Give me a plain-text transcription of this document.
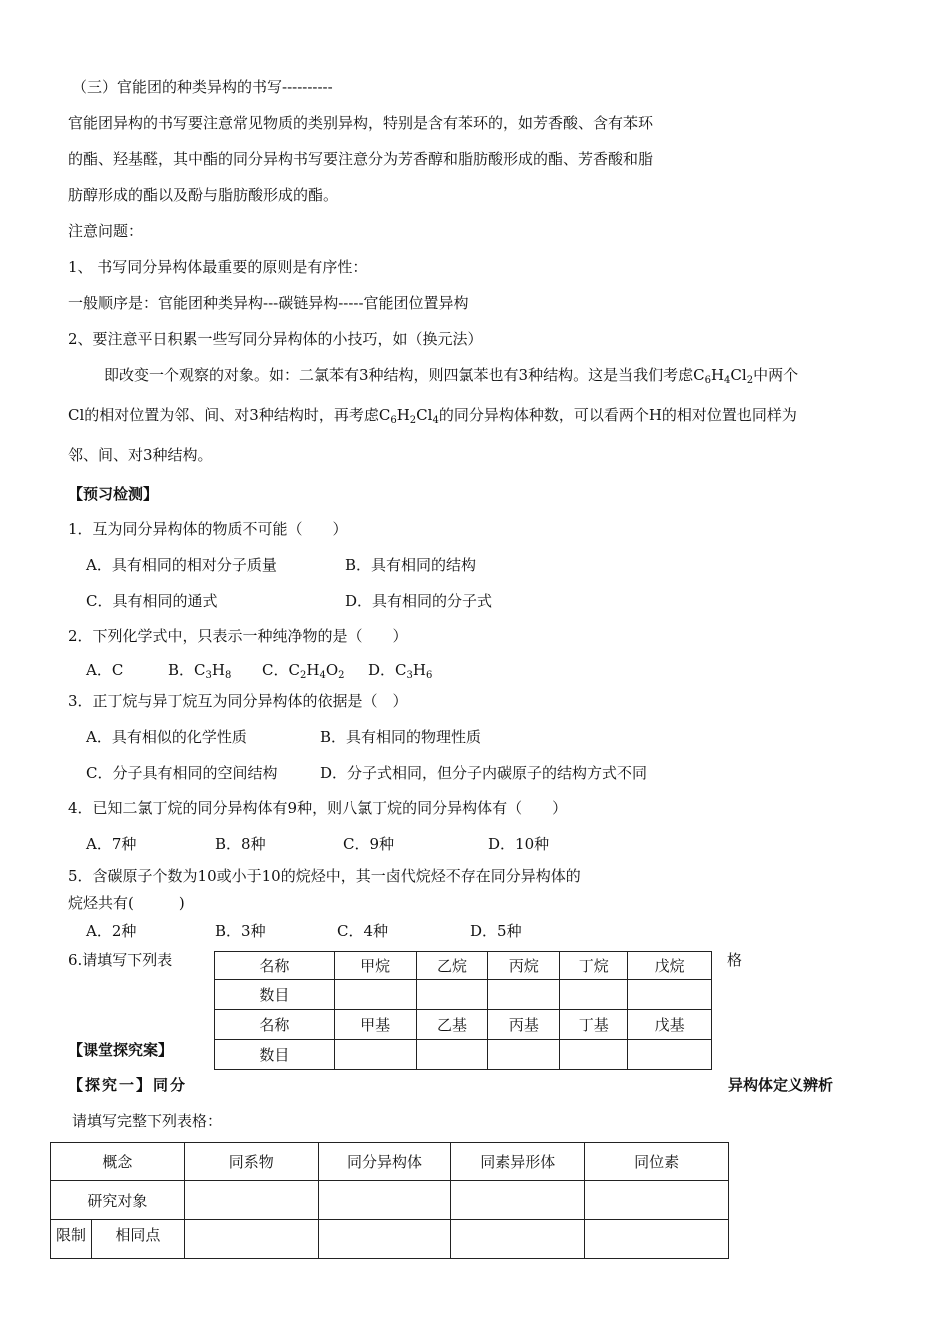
（三）官能团的种类异构的书写----------
官能团异构的书写要注意常见物质的类别异构，特别是含有苯环的，如芳香酸、含有苯环
的酯、羟基醛，其中酯的同分异构书写要注意分为芳香醇和脂肪酸形成的酯、芳香酸和脂
肪醇形成的酯以及酚与脂肪酸形成的酯。
注意问题：
1、 书写同分异构体最重要的原则是有序性：
一般顺序是：官能团种类异构---碳链异构-----官能团位置异构
2、要注意平日积累一些写同分异构体的小技巧，如（换元法）
即改变一个观察的对象。如：二氯苯有3种结构，则四氯苯也有3种结构。这是当我们考虑$C_6H_4Cl_2$中两个
Cl的相对位置为邻、间、对3种结构时，再考虑$C_6H_2Cl_4$的同分异构体种数，可以看两个H的相对位置也同样为
邻、间、对3种结构。
【预习检测】
1．互为同分异构体的物质不可能（　　）
A．具有相同的相对分子质量	B．具有相同的结构
C．具有相同的通式	D．具有相同的分子式
2．下列化学式中，只表示一种纯净物的是（　　）
A．C	B．$C_3H_8$ C．$C_2H_4O_2$ D．$C_3H_6$
3．正丁烷与异丁烷互为同分异构体的依据是（　）
A．具有相似的化学性质	B．具有相同的物理性质
C．分子具有相同的空间结构	D．分子式相同，但分子内碳原子的结构方式不同
4．已知二氯丁烷的同分异构体有9种，则八氯丁烷的同分异构体有（　　）
A．7种	B．8种	C．9种	D．10种
5．含碳原子个数为10或小于10的烷烃中，其一卤代烷烃不存在同分异构体的
烷烃共有(　　　)
A．2种	B．3种	C．4种	D．5种
6.请填写下列表	格
名称	甲烷	乙烷	丙烷	丁烷	戊烷
数目					
名称	甲基	乙基	丙基	丁基	戊基
数目					
【课堂探究案】
【探究一】同分	异构体定义辨析
请填写完整下列表格：
概念	同系物	同分异构体	同素异形体	同位素
研究对象				

限制 相同点				
